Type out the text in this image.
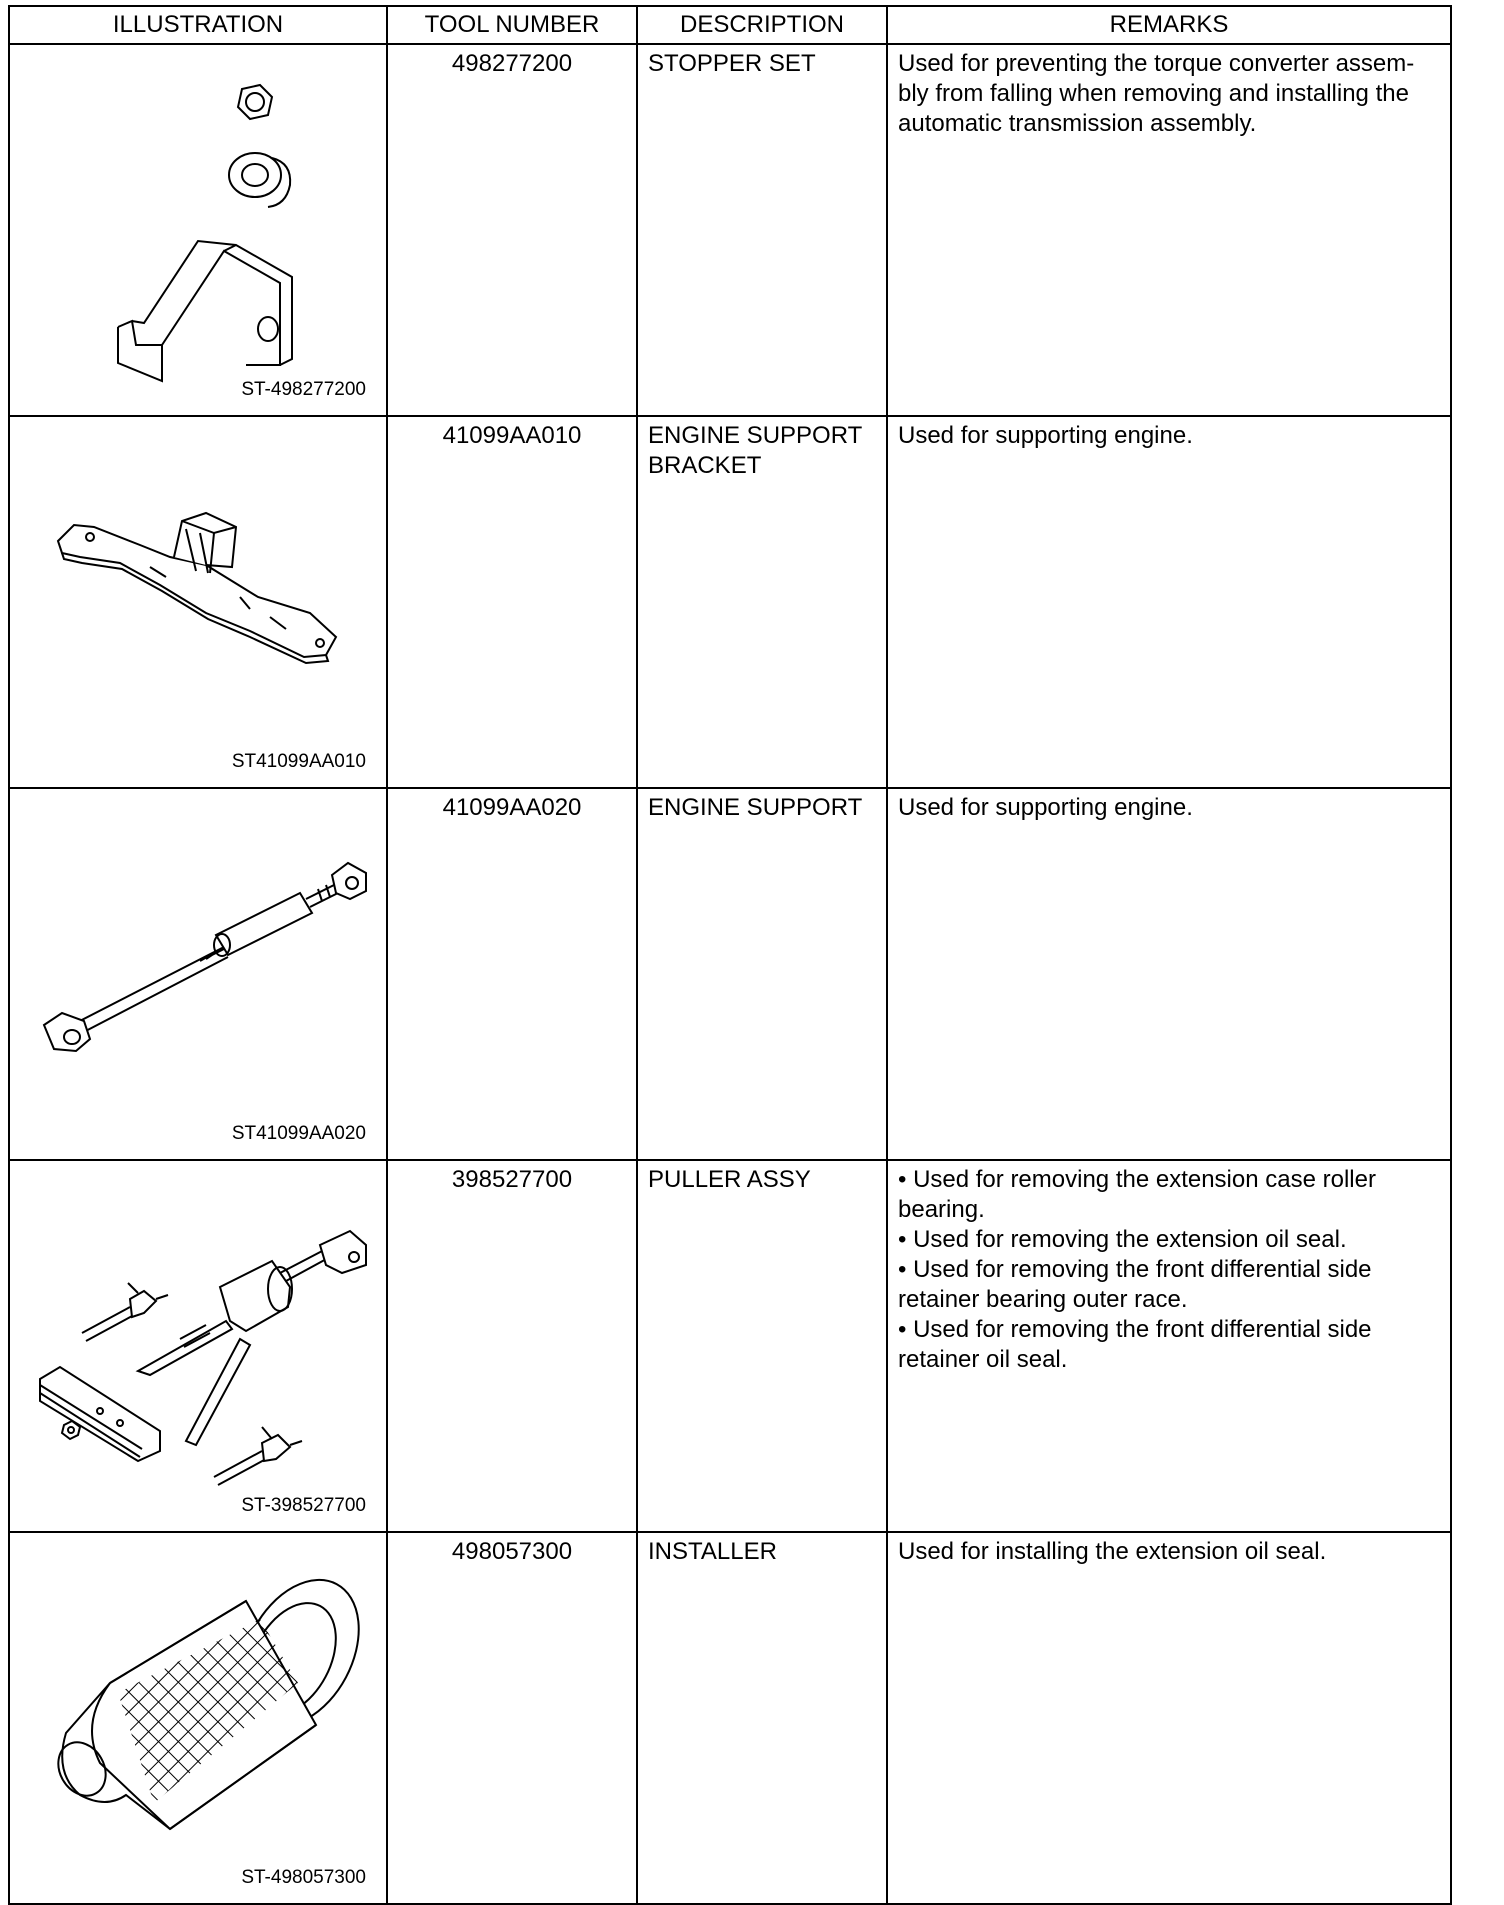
ILLUSTRATION	TOOL NUMBER	DESCRIPTION	REMARKS

ST-498277200	498277200	STOPPER SET	Used for preventing the torque converter assem-bly from falling when removing and installing the automatic transmission assembly.

ST41099AA010	41099AA010	ENGINE SUPPORT BRACKET	Used for supporting engine.

ST41099AA020	41099AA020	ENGINE SUPPORT	Used for supporting engine.

ST-398527700	398527700	PULLER ASSY	• Used for removing the extension case roller bearing.

• Used for removing the extension oil seal.

• Used for removing the front differential side retainer bearing outer race.

• Used for removing the front differential side retainer oil seal.

ST-498057300	498057300	INSTALLER	Used for installing the extension oil seal.
